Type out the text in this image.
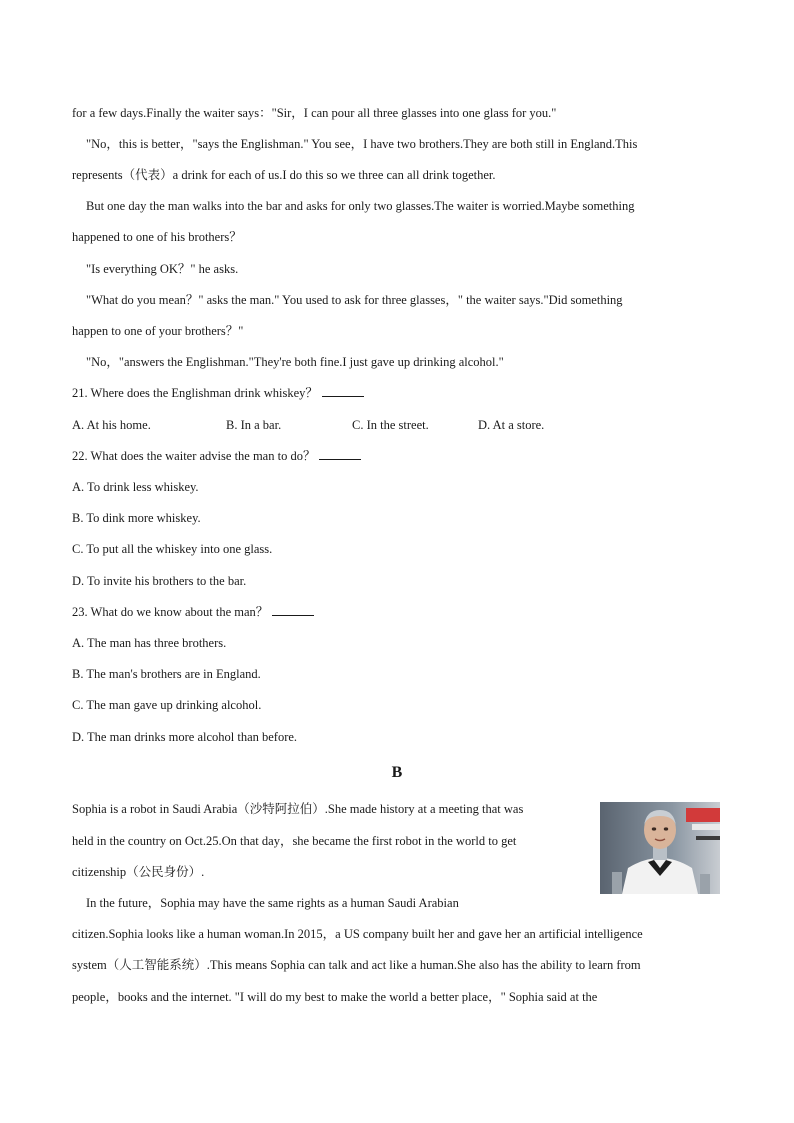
for a few days.Finally the waiter says："Sir，I can pour all three glasses into one glass for you."
"No，this is better，"says the Englishman." You see，I have two brothers.They are both still in England.This
represents（代表）a drink for each of us.I do this so we three can all drink together.
But one day the man walks into the bar and asks for only two glasses.The waiter is worried.Maybe something
happened to one of his brothers？
"Is everything OK？" he asks.
"What do you mean？" asks the man." You used to ask for three glasses，" the waiter says."Did something
happen to one of your brothers？"
"No，"answers the Englishman."They're both fine.I just gave up drinking alcohol."
21. Where does the Englishman drink whiskey？
A. At his home.	B. In a bar.	C. In the street.	D. At a store.
22. What does the waiter advise the man to do？
A. To drink less whiskey.
B. To dink more whiskey.
C. To put all the whiskey into one glass.
D. To invite his brothers to the bar.
23. What do we know about the man？
A. The man has three brothers.
B. The man's brothers are in England.
C. The man gave up drinking alcohol.
D. The man drinks more alcohol than before.
B
Sophia is a robot in Saudi Arabia（沙特阿拉伯）.She made history at a meeting that was
held in the country on Oct.25.On that day，she became the first robot in the world to get
citizenship（公民身份）.
In the future，Sophia may have the same rights as a human Saudi Arabian
citizen.Sophia looks like a human woman.In 2015，a US company built her and gave her an artificial intelligence
system（人工智能系统）.This means Sophia can talk and act like a human.She also has the ability to learn from
people，books and the internet. "I will do my best to make the world a better place，" Sophia said at the
